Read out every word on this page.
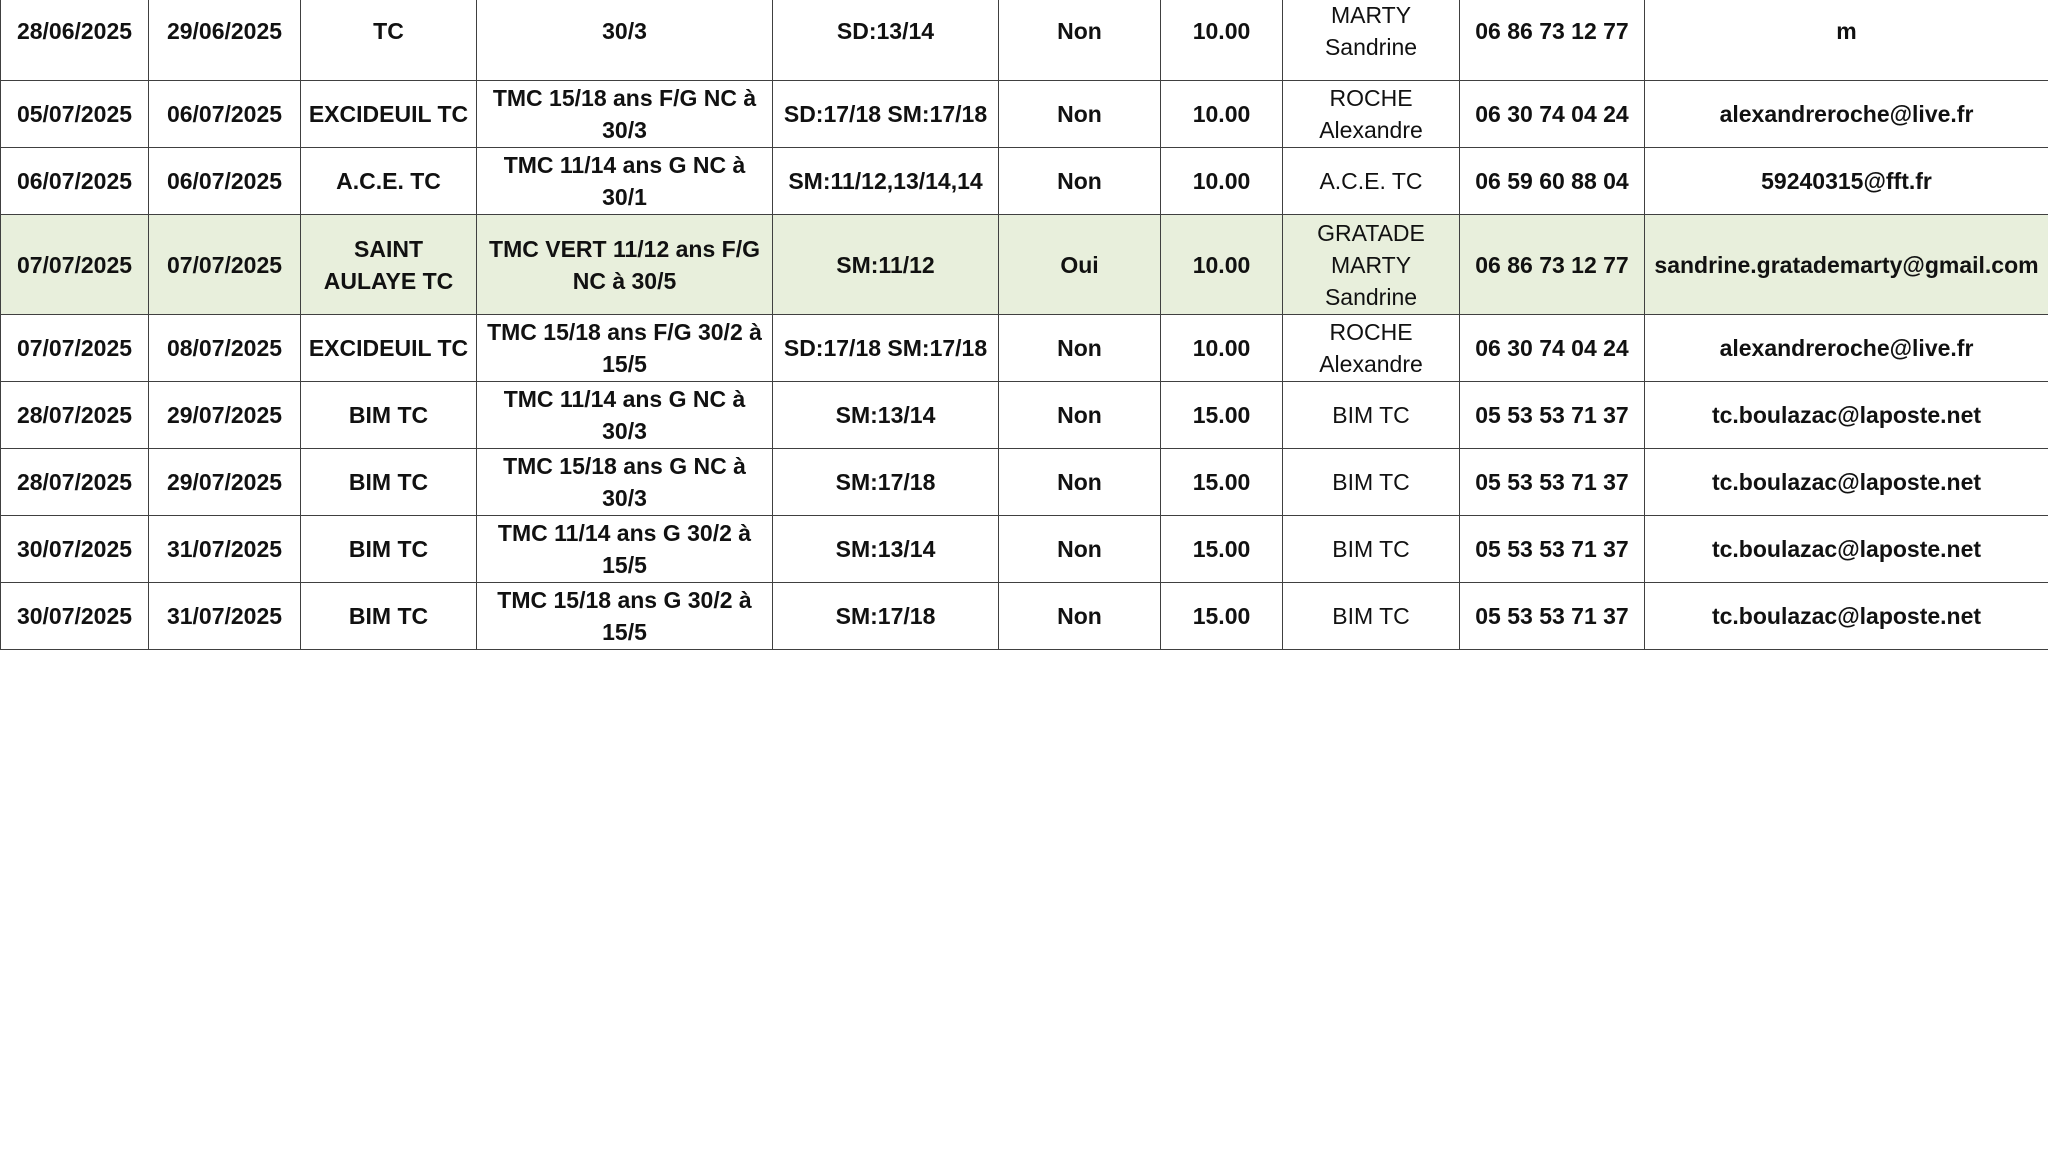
28/06/2025	29/06/2025	TC	30/3	SD:13/14	Non	10.00	MARTY Sandrine	06 86 73 12 77	m
05/07/2025	06/07/2025	EXCIDEUIL TC	TMC 15/18 ans F/G NC à 30/3	SD:17/18 SM:17/18	Non	10.00	ROCHE Alexandre	06 30 74 04 24	alexandreroche@live.fr
06/07/2025	06/07/2025	A.C.E. TC	TMC 11/14 ans G NC à 30/1	SM:11/12,13/14,14	Non	10.00	A.C.E. TC	06 59 60 88 04	59240315@fft.fr
07/07/2025	07/07/2025	SAINT AULAYE TC	TMC VERT 11/12 ans F/G NC à 30/5	SM:11/12	Oui	10.00	GRATADE MARTY Sandrine	06 86 73 12 77	sandrine.gratademarty@gmail.com
07/07/2025	08/07/2025	EXCIDEUIL TC	TMC 15/18 ans F/G 30/2 à 15/5	SD:17/18 SM:17/18	Non	10.00	ROCHE Alexandre	06 30 74 04 24	alexandreroche@live.fr
28/07/2025	29/07/2025	BIM TC	TMC 11/14 ans G NC à 30/3	SM:13/14	Non	15.00	BIM TC	05 53 53 71 37	tc.boulazac@laposte.net
28/07/2025	29/07/2025	BIM TC	TMC 15/18 ans G NC à 30/3	SM:17/18	Non	15.00	BIM TC	05 53 53 71 37	tc.boulazac@laposte.net
30/07/2025	31/07/2025	BIM TC	TMC 11/14 ans G 30/2 à 15/5	SM:13/14	Non	15.00	BIM TC	05 53 53 71 37	tc.boulazac@laposte.net
30/07/2025	31/07/2025	BIM TC	TMC 15/18 ans G 30/2 à 15/5	SM:17/18	Non	15.00	BIM TC	05 53 53 71 37	tc.boulazac@laposte.net
